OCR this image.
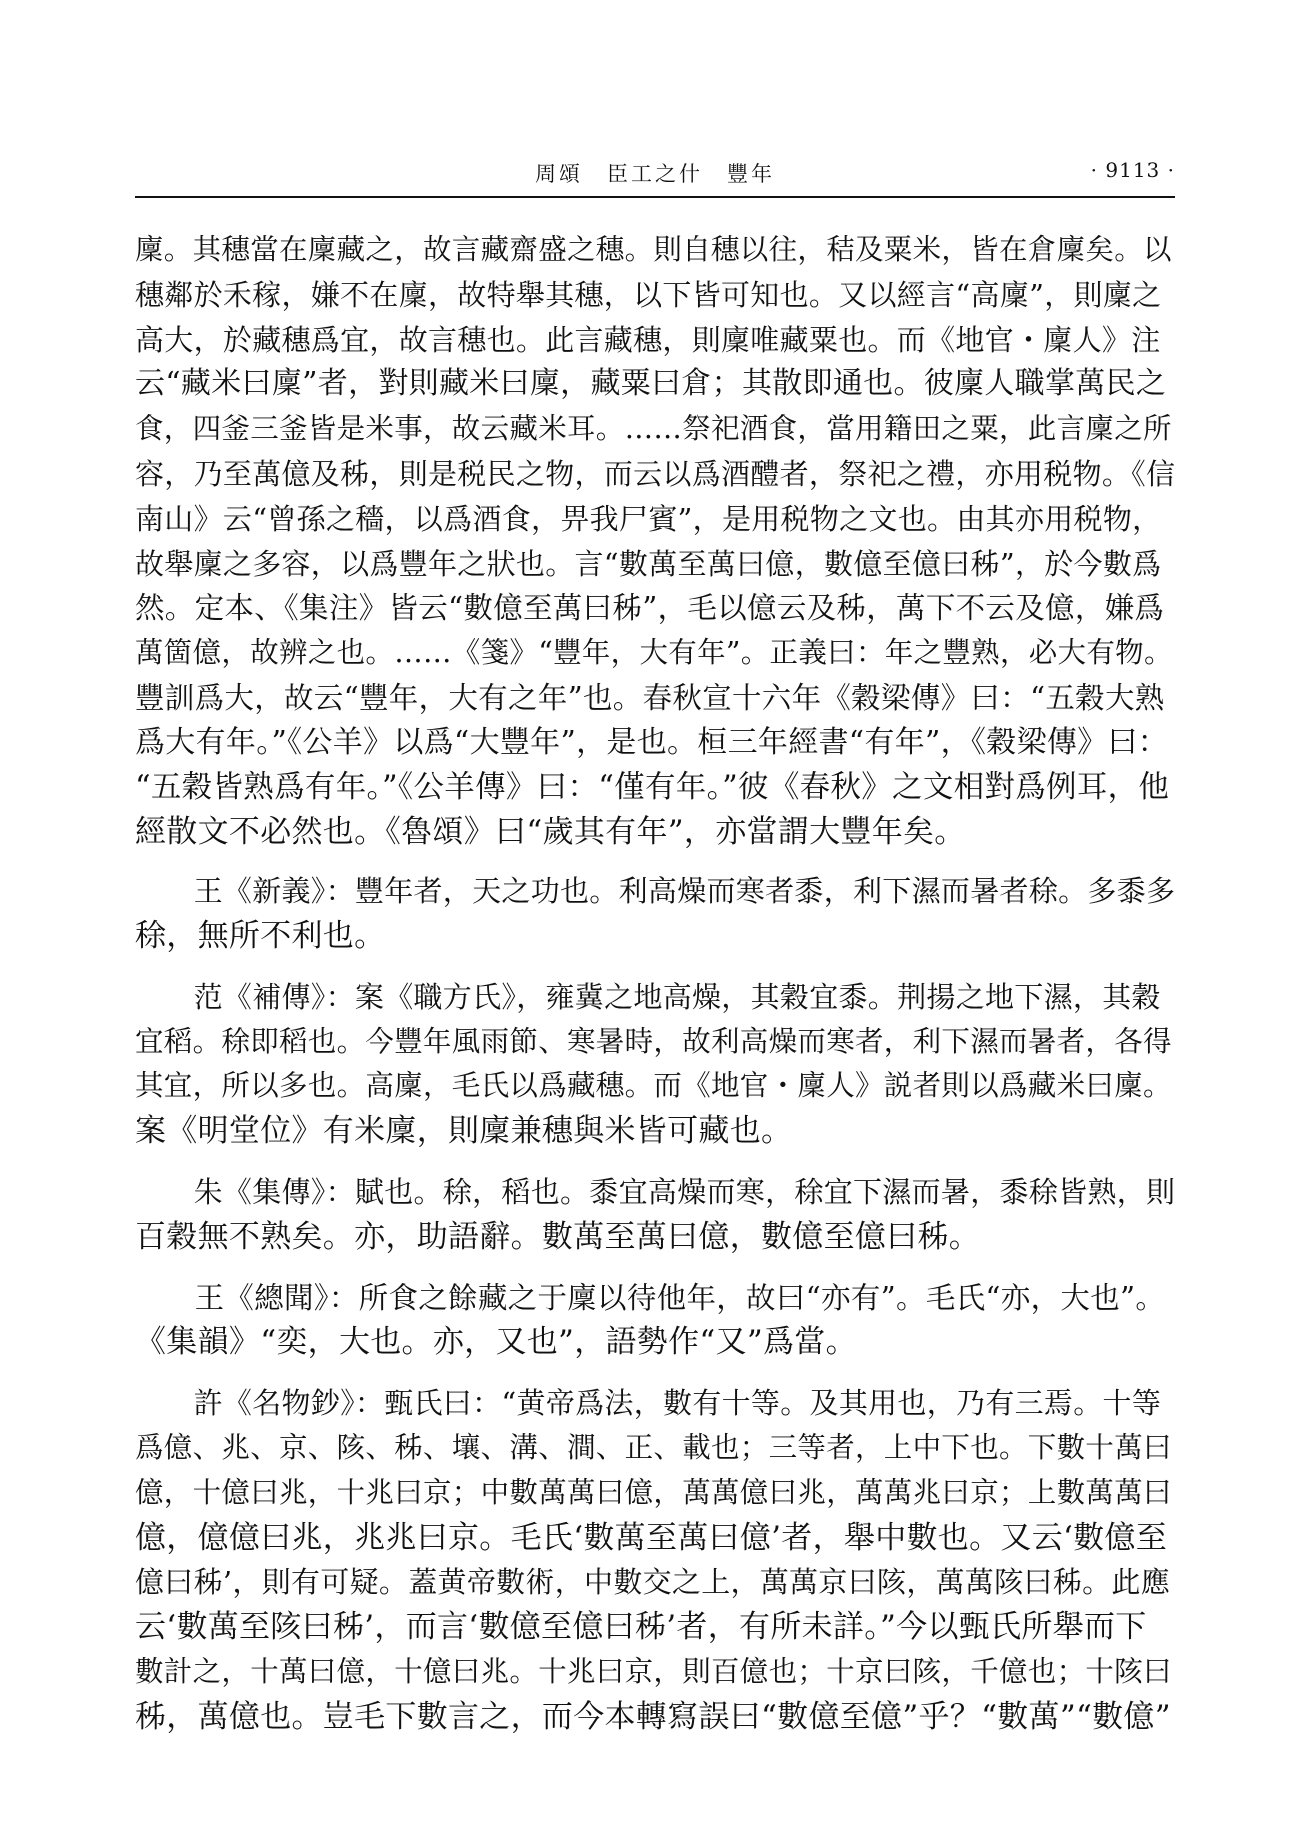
周頌　臣工之什　豐年	· 9113 ·

廩。其穗當在廩藏之，故言藏齋盛之穗。則自穗以往，秸及粟米，皆在倉廩矣。以

穗鄰於禾稼，嫌不在廩，故特舉其穗，以下皆可知也。又以經言“高廩”，則廩之

高大，於藏穗爲宜，故言穗也。此言藏穗，則廩唯藏粟也。而《地官・廩人》注

云“藏米曰廩”者，對則藏米曰廩，藏粟曰倉；其散即通也。彼廩人職掌萬民之

食，四釜三釜皆是米事，故云藏米耳。……祭祀酒食，當用籍田之粟，此言廩之所

容，乃至萬億及秭，則是税民之物，而云以爲酒醴者，祭祀之禮，亦用税物。《信

南山》云“曾孫之穡，以爲酒食，畀我尸賓”，是用税物之文也。由其亦用税物，

故舉廩之多容，以爲豐年之狀也。言“數萬至萬曰億，數億至億曰秭”，於今數爲

然。定本、《集注》皆云“數億至萬曰秭”，毛以億云及秭，萬下不云及億，嫌爲

萬箇億，故辨之也。……《箋》“豐年，大有年”。正義曰：年之豐熟，必大有物。

豐訓爲大，故云“豐年，大有之年”也。春秋宣十六年《穀梁傳》曰：“五穀大熟

爲大有年。”《公羊》以爲“大豐年”，是也。桓三年經書“有年”，《穀梁傳》曰：

“五穀皆熟爲有年。”《公羊傳》曰：“僅有年。”彼《春秋》之文相對爲例耳，他

經散文不必然也。《魯頌》曰“歲其有年”，亦當謂大豐年矣。

　　王《新義》：豐年者，天之功也。利高燥而寒者黍，利下濕而暑者稌。多黍多

稌，無所不利也。

　　范《補傳》：案《職方氏》，雍冀之地高燥，其穀宜黍。荆揚之地下濕，其穀

宜稻。稌即稻也。今豐年風雨節、寒暑時，故利高燥而寒者，利下濕而暑者，各得

其宜，所以多也。高廩，毛氏以爲藏穗。而《地官・廩人》説者則以爲藏米曰廩。

案《明堂位》有米廩，則廩兼穗與米皆可藏也。

　　朱《集傳》：賦也。稌，稻也。黍宜高燥而寒，稌宜下濕而暑，黍稌皆熟，則

百穀無不熟矣。亦，助語辭。數萬至萬曰億，數億至億曰秭。

　　王《總聞》：所食之餘藏之于廩以待他年，故曰“亦有”。毛氏“亦，大也”。

《集韻》“奕，大也。亦，又也”，語勢作“又”爲當。

　　許《名物鈔》：甄氏曰：“黄帝爲法，數有十等。及其用也，乃有三焉。十等

爲億、兆、京、陔、秭、壤、溝、澗、正、載也；三等者，上中下也。下數十萬曰

億，十億曰兆，十兆曰京；中數萬萬曰億，萬萬億曰兆，萬萬兆曰京；上數萬萬曰

億，億億曰兆，兆兆曰京。毛氏‘數萬至萬曰億’者，舉中數也。又云‘數億至

億曰秭’，則有可疑。蓋黄帝數術，中數交之上，萬萬京曰陔，萬萬陔曰秭。此應

云‘數萬至陔曰秭’，而言‘數億至億曰秭’者，有所未詳。”今以甄氏所舉而下

數計之，十萬曰億，十億曰兆。十兆曰京，則百億也；十京曰陔，千億也；十陔曰

秭，萬億也。豈毛下數言之，而今本轉寫誤曰“數億至億”乎？“數萬”“數億”
